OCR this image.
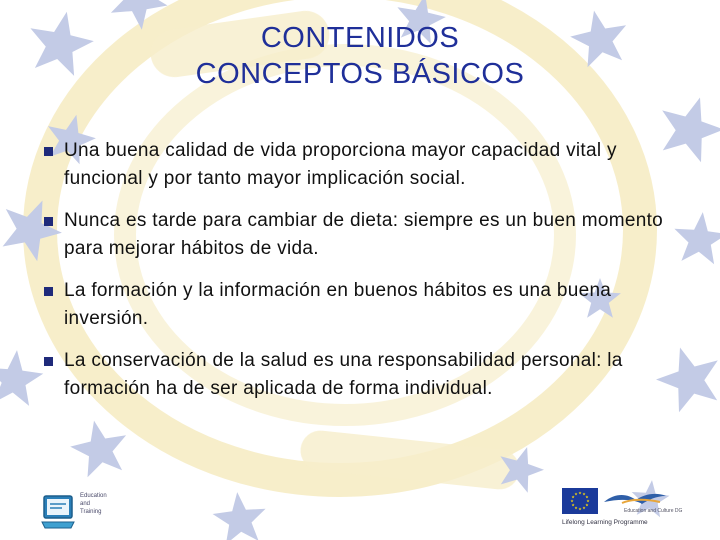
CONTENIDOS
CONCEPTOS BÁSICOS
Una buena calidad de vida proporciona mayor capacidad vital y funcional y por tanto mayor implicación social.
Nunca es tarde para cambiar de dieta: siempre es un buen momento para mejorar hábitos de vida.
La formación y la información en buenos hábitos es una buena inversión.
La conservación de la salud es una responsabilidad personal: la formación ha de ser aplicada de forma individual.
Education
and
Training	Education and Culture DG
Lifelong Learning Programme
